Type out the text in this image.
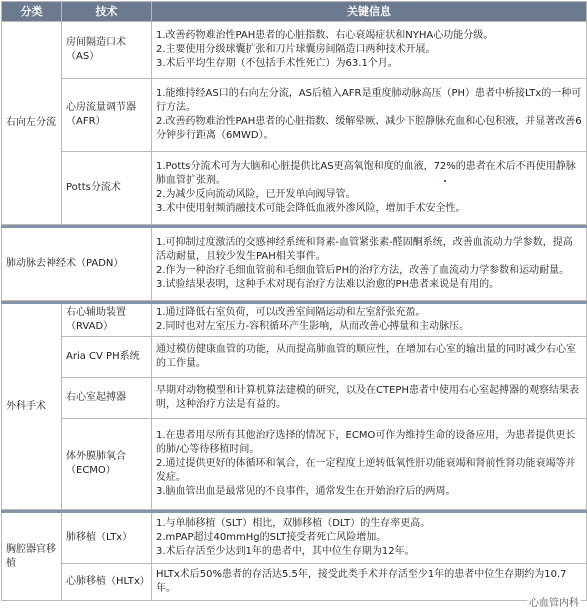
分类	技术	关键信息
右向左分流	房间隔造口术（AS）	1.改善药物难治性PAH患者的心脏指数、右心衰竭症状和NYHA心功能分级。
2.主要使用分级球囊扩张和刀片球囊房间隔造口两种技术开展。
3.术后平均生存期（不包括手术性死亡）为63.1个月。

	心房流量调节器（AFR）	1.能维持经AS口的右向左分流，AS后植入AFR是重度肺动脉高压（PH）患者中桥接LTx的一种可行方法。
2.改善药物难治性PAH患者的心脏指数、缓解晕厥、减少下腔静脉充血和心包积液，并显著改善6分钟步行距离（6MWD）。

	Potts分流术	1.Potts分流术可为大脑和心脏提供比AS更高氧饱和度的血液，72%的患者在术后不再使用静脉肺血管扩张剂。
2.为减少反向流动风险，已开发单向阀导管。
3.术中使用射频消融技术可能会降低血液外渗风险，增加手术安全性。

肺动脉去神经术（PADN）		1.可抑制过度激活的交感神经系统和肾素-血管紧张素-醛固酮系统，改善血流动力学参数，提高活动耐量，且较少发生PAH相关事件。
2.作为一种治疗毛细血管前和毛细血管后PH的治疗方法，改善了血流动力学参数和运动耐量。
3.试验结果表明，这种手术对现有治疗方法难以治愈的PH患者来说是有用的。

外科手术	右心辅助装置（RVAD）	1.通过降低右室负荷，可以改善室间隔运动和左室舒张充盈。
2.同时也对左室压力-容积循环产生影响，从而改善心搏量和主动脉压。

	Aria CV PH系统	通过模仿健康血管的功能，从而提高肺血管的顺应性，在增加右心室的输出量的同时减少右心室的工作量。

	右心室起搏器	早期对动物模型和计算机算法建模的研究，以及在CTEPH患者中使用右心室起搏器的观察结果表明，这种治疗方法是有益的。

	体外膜肺氧合（ECMO）	1.在患者用尽所有其他治疗选择的情况下，ECMO可作为维持生命的设备应用，为患者提供更长的肺/心等待移植时间。
2.通过提供更好的体循环和氧合，在一定程度上逆转低氧性肝功能衰竭和肾前性肾功能衰竭等并发症。
3.脑血管出血是最常见的不良事件，通常发生在开始治疗后的两周。

胸腔器官移植	肺移植（LTx）	1.与单肺移植（SLT）相比，双肺移植（DLT）的生存率更高。
2.mPAP超过40mmHg的SLT接受者死亡风险增加。
3.术后存活至少达到1年的患者中，其中位生存期为12年。

	心肺移植（HLTx）	HLTx术后50%患者的存活达5.5年，接受此类手术并存活至少1年的患者中位生存期约为10.7年。
心血管内科
